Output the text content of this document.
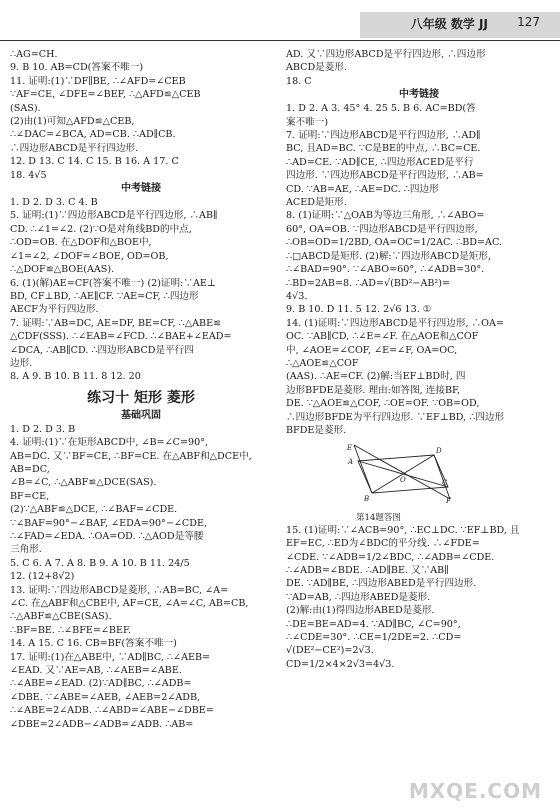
八年级 数学 JJ 127
∴AG=CH.
9. B 10. AB=CD(答案不唯一)
11. 证明:(1)∵DF∥BE, ∴∠AFD=∠CEB
∵AF=CE, ∠DFE=∠BEF, ∴△AFD≌△CEB
(SAS).
(2)由(1)可知△AFD≌△CEB,
∴∠DAC=∠BCA, AD=CB. ∴AD∥CB.
∴四边形ABCD是平行四边形.
12. D 13. C 14. C 15. B 16. A 17. C
18. 4√5
中考链接
1. D 2. D 3. C 4. B
5. 证明:(1)∵四边形ABCD是平行四边形, ∴AB∥
CD. ∴∠1=∠2. (2)∵O是对角线BD的中点,
∴OD=OB. 在△DOF和△BOE中,
∠1=∠2, ∠DOF=∠BOE, OD=OB,
∴△DOF≌△BOE(AAS).
6. (1)(解)AE=CF(答案不唯一) (2)证明:∵AE⊥
BD, CF⊥BD, ∴AE∥CF. ∵AE=CF, ∴四边形
AECF为平行四边形.
7. 证明:∵AB=DC, AE=DF, BE=CF, ∴△ABE≌
△CDF(SSS). ∴∠EAB=∠FCD. ∴∠BAE+∠EAD=
∠DCA, ∴AB∥CD. ∴四边形ABCD是平行四
边形.
8. A 9. B 10. B 11. 8 12. 20
练习十 矩形 菱形
基础巩固
1. D 2. D 3. B
4. 证明:(1)∵在矩形ABCD中, ∠B=∠C=90°,
AB=DC. 又∵BF=CE, ∴BF=CE. 在△ABF和△DCE中,
AB=DC,
∠B=∠C, ∴△ABF≌△DCE(SAS).
BF=CE,
(2)∵△ABF≌△DCE, ∴∠BAF=∠CDE.
∵∠BAF=90°−∠BAF, ∠EDA=90°−∠CDE,
∴∠FAD=∠EDA. ∴OA=OD. ∴△AOD是等腰
三角形.
5. C 6. A 7. A 8. B 9. A 10. B 11. 24/5
12. (12+8√2)
13. 证明:∵四边形ABCD是菱形, ∴AB=BC, ∠A=
∠C. 在△ABF和△CBE中, AF=CE, ∠A=∠C, AB=CB,
∴△ABF≌△CBE(SAS).
∴BF=BE. ∴∠BFE=∠BEF.
14. A 15. C 16. CB=BF(答案不唯一)
17. 证明:(1)在△ABE中, ∵AD∥BC, ∴∠AEB=
∠EAD. 又∵AE=AB, ∴∠AEB=∠ABE.
∴∠ABE=∠EAD. (2)∵AD∥BC, ∴∠ADB=
∠DBE. ∵∠ABE=∠AEB, ∠AEB=2∠ADB,
∴∠ABE=2∠ADB. ∴∠ABD=∠ABE−∠DBE=
∠DBE=2∠ADB−∠ADB=∠ADB. ∴AB=
AD. 又∵四边形ABCD是平行四边形, ∴四边形
ABCD是菱形.
18. C
中考链接
1. D 2. A 3. 45° 4. 25 5. B 6. AC=BD(答
案不唯一)
7. 证明:∵四边形ABCD是平行四边形, ∴AD∥
BC, 且AD=BC. ∵C是BE的中点, ∴BC=CE.
∴AD=CE. ∵AD∥CE, ∴四边形ACED是平行
四边形. ∵四边形ABCD是平行四边形, ∴AB=
CD. ∵AB=AE, ∴AE=DC. ∴四边形
ACED是矩形.
8. (1)证明:∵△OAB为等边三角形, ∴∠ABO=
60°, OA=OB. ∵四边形ABCD是平行四边形,
∴OB=OD=1/2BD, OA=OC=1/2AC. ∴BD=AC.
∴□ABCD是矩形. (2)解:∵四边形ABCD是矩形,
∴∠BAD=90°. ∵∠ABO=60°, ∴∠ADB=30°.
∴BD=2AB=8. ∴AD=√(BD²−AB²)=
4√3.
9. B 10. D 11. 5 12. 2√6 13. ①
14. (1)证明:∵四边形ABCD是平行四边形, ∴OA=
OC. ∵AB∥CD, ∴∠E=∠F. 在△AOE和△COF
中, ∠AOE=∠COF, ∠E=∠F, OA=OC,
∴△AOE≌△COF
(AAS). ∴AE=CF. (2)解:当EF⊥BD时, 四
边形BFDE是菱形. 理由:如答图, 连接BF,
DE. ∵△AOE≌△COF, ∴OE=OF. ∵OB=OD,
∴四边形BFDE为平行四边形. ∵EF⊥BD, ∴四边形
BFDE是菱形.
E
A
D
O
B
C
F
第14题答图
15. (1)证明:∵∠ACB=90°, ∴EC⊥DC. ∵EF⊥BD, 且
EF=EC, ∴ED为∠BDC的平分线. ∴∠FDE=
∠CDE. ∵∠ADB=1/2∠BDC, ∴∠ADB=∠CDE.
∴∠ADB=∠BDE. ∴AD∥BE. 又∵AB∥
DE. ∵AD∥BE, ∴四边形ABED是平行四边形.
∵AD=AB, ∴四边形ABED是菱形.
(2)解:由(1)得四边形ABED是菱形.
∴DE=BE=AD=4. ∵AD∥BC, ∠C=90°,
∴∠CDE=30°. ∴CE=1/2DE=2. ∴CD=
√(DE²−CE²)=2√3.
CD=1/2×4×2√3=4√3.
MXQE.COM
